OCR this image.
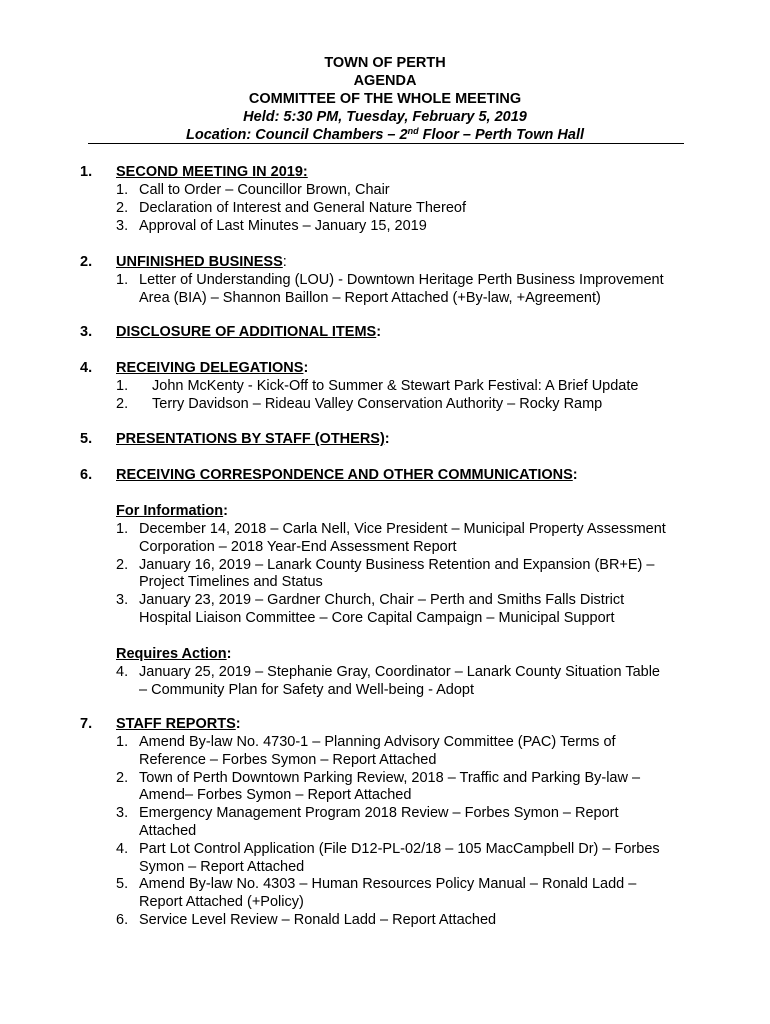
TOWN OF PERTH
AGENDA
COMMITTEE OF THE WHOLE MEETING
Held: 5:30 PM, Tuesday, February 5, 2019
Location: Council Chambers – 2nd Floor – Perth Town Hall
1. SECOND MEETING IN 2019:
1. Call to Order – Councillor Brown, Chair
2. Declaration of Interest and General Nature Thereof
3. Approval of Last Minutes – January 15, 2019
2. UNFINISHED BUSINESS:
1. Letter of Understanding (LOU) - Downtown Heritage Perth Business Improvement
Area (BIA) – Shannon Baillon – Report Attached (+By-law, +Agreement)
3. DISCLOSURE OF ADDITIONAL ITEMS:
4. RECEIVING DELEGATIONS:
1. John McKenty - Kick-Off to Summer & Stewart Park Festival: A Brief Update
2. Terry Davidson – Rideau Valley Conservation Authority – Rocky Ramp
5. PRESENTATIONS BY STAFF (OTHERS):
6. RECEIVING CORRESPONDENCE AND OTHER COMMUNICATIONS:
For Information:
1. December 14, 2018 – Carla Nell, Vice President – Municipal Property Assessment
Corporation – 2018 Year-End Assessment Report
2. January 16, 2019 – Lanark County Business Retention and Expansion (BR+E) –
Project Timelines and Status
3. January 23, 2019 – Gardner Church, Chair – Perth and Smiths Falls District
Hospital Liaison Committee – Core Capital Campaign – Municipal Support
Requires Action:
4. January 25, 2019 – Stephanie Gray, Coordinator – Lanark County Situation Table
– Community Plan for Safety and Well-being - Adopt
7. STAFF REPORTS:
1. Amend By-law No. 4730-1 – Planning Advisory Committee (PAC) Terms of
Reference – Forbes Symon – Report Attached
2. Town of Perth Downtown Parking Review, 2018 – Traffic and Parking By-law –
Amend– Forbes Symon – Report Attached
3. Emergency Management Program 2018 Review – Forbes Symon – Report
Attached
4. Part Lot Control Application (File D12-PL-02/18 – 105 MacCampbell Dr) – Forbes
Symon – Report Attached
5. Amend By-law No. 4303 – Human Resources Policy Manual – Ronald Ladd –
Report Attached (+Policy)
6. Service Level Review – Ronald Ladd – Report Attached
